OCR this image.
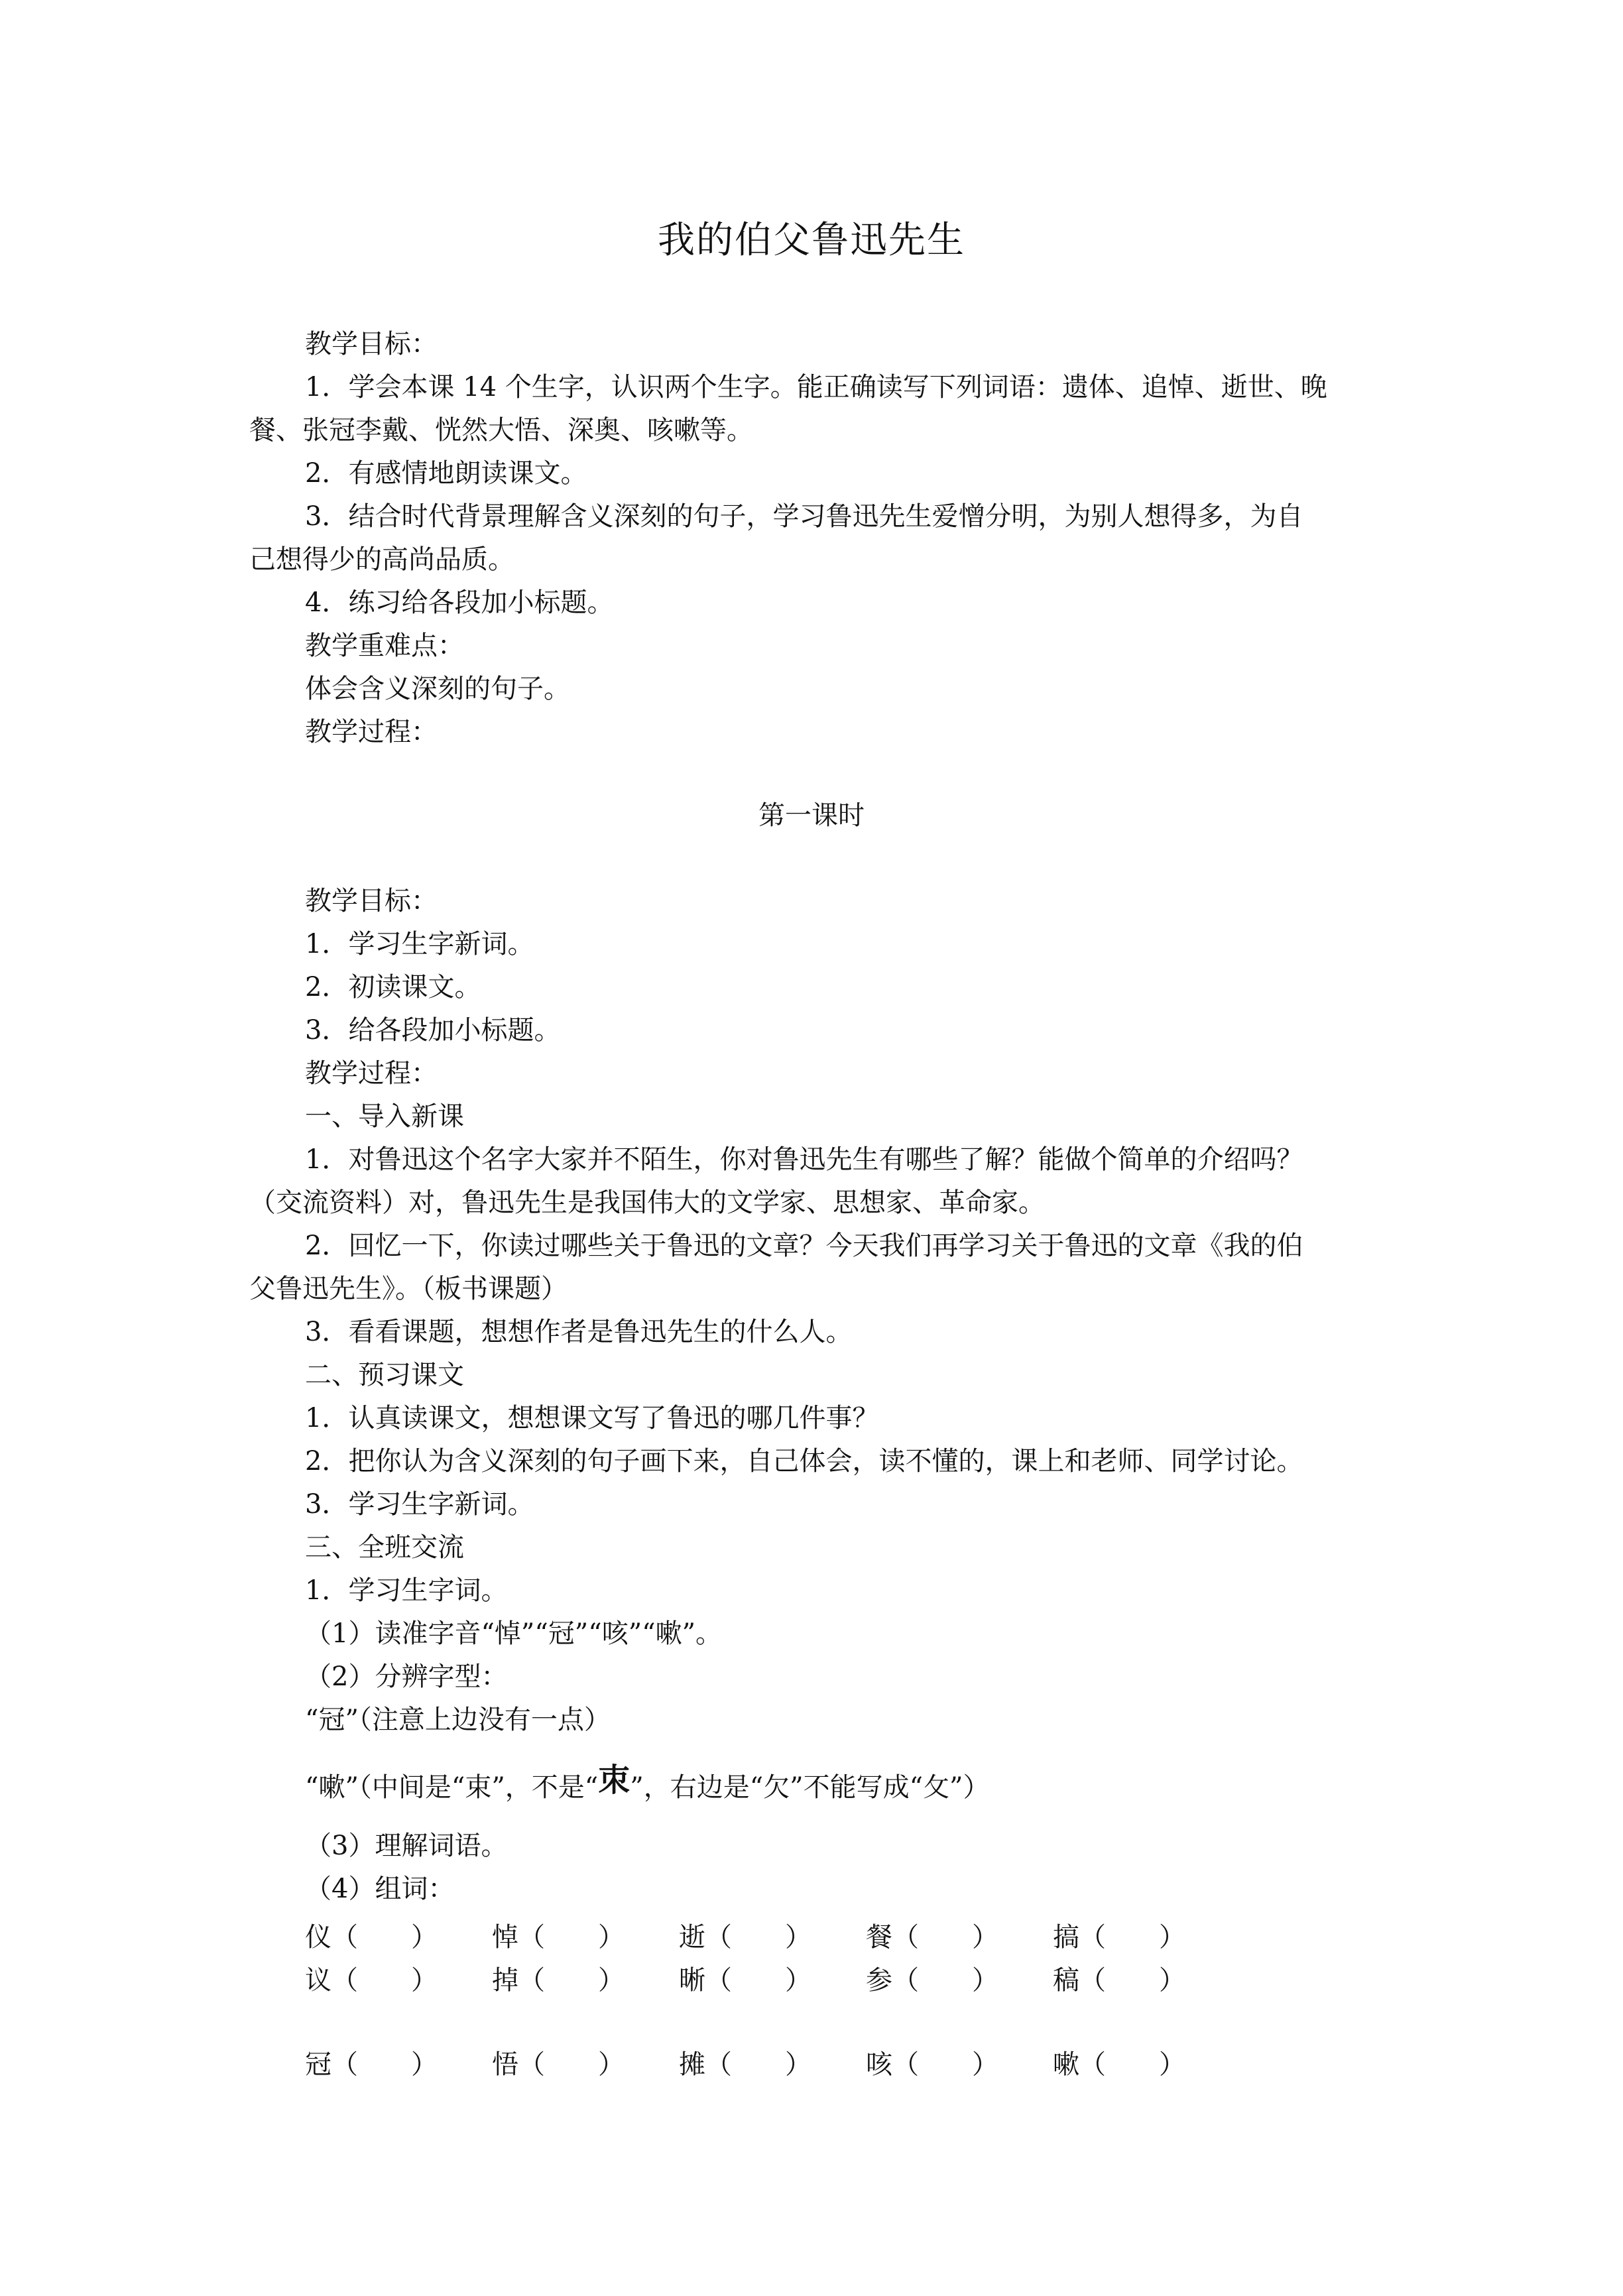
我的伯父鲁迅先生
教学目标：
1．学会本课 14 个生字，认识两个生字。能正确读写下列词语：遗体、追悼、逝世、晚
餐、张冠李戴、恍然大悟、深奥、咳嗽等。
2．有感情地朗读课文。
3．结合时代背景理解含义深刻的句子，学习鲁迅先生爱憎分明，为别人想得多，为自
己想得少的高尚品质。
4．练习给各段加小标题。
教学重难点：
体会含义深刻的句子。
教学过程：
第一课时
教学目标：
1．学习生字新词。
2．初读课文。
3．给各段加小标题。
教学过程：
一、导入新课
1．对鲁迅这个名字大家并不陌生，你对鲁迅先生有哪些了解？能做个简单的介绍吗？
（交流资料）对，鲁迅先生是我国伟大的文学家、思想家、革命家。
2．回忆一下，你读过哪些关于鲁迅的文章？今天我们再学习关于鲁迅的文章《我的伯
父鲁迅先生》。（板书课题）
3．看看课题，想想作者是鲁迅先生的什么人。
二、预习课文
1．认真读课文，想想课文写了鲁迅的哪几件事？
2．把你认为含义深刻的句子画下来，自己体会，读不懂的，课上和老师、同学讨论。
3．学习生字新词。
三、全班交流
1．学习生字词。
（1）读准字音“悼”“冠”“咳”“嗽”。
（2）分辨字型：
“冠”（注意上边没有一点）
“嗽”（中间是“束”，不是“朿”，右边是“欠”不能写成“攵”）
（3）理解词语。
（4）组词：
仪（　　） 悼（　　） 逝（　　） 餐（　　） 搞（　　）
议（　　） 掉（　　） 晰（　　） 参（　　） 稿（　　）
冠（　　） 悟（　　） 摊（　　） 咳（　　） 嗽（　　）
